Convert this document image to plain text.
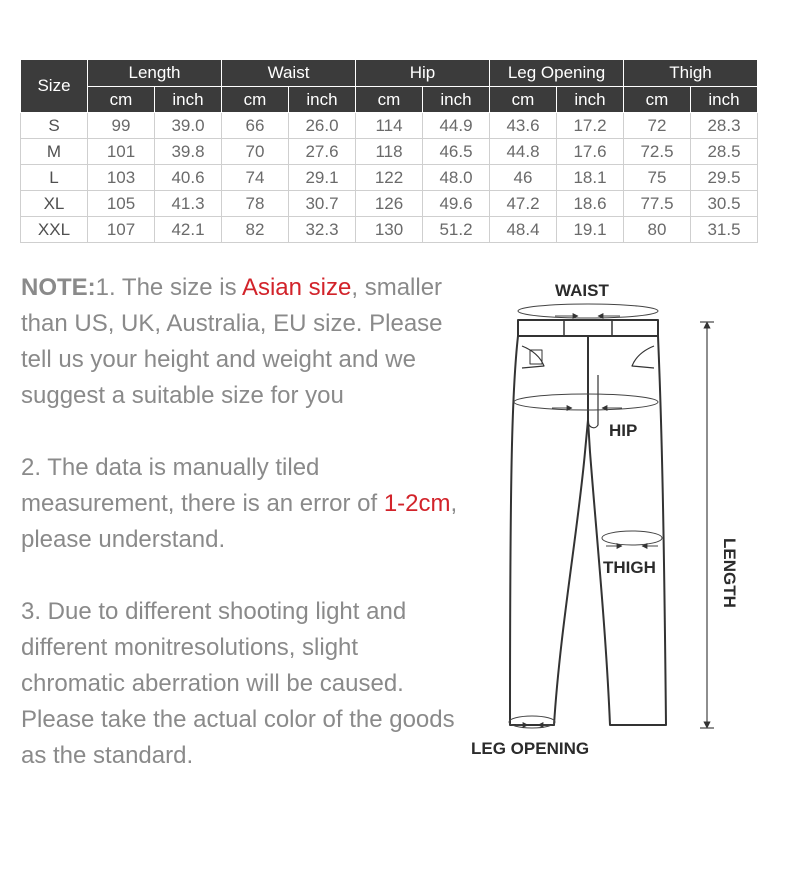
Size	Length		Waist		Hip		Leg Opening		Thigh	
	cm	inch	cm	inch	cm	inch	cm	inch	cm	inch
S	99	39.0	66	26.0	114	44.9	43.6	17.2	72	28.3
M	101	39.8	70	27.6	118	46.5	44.8	17.6	72.5	28.5
L	103	40.6	74	29.1	122	48.0	46	18.1	75	29.5
XL	105	41.3	78	30.7	126	49.6	47.2	18.6	77.5	30.5
XXL	107	42.1	82	32.3	130	51.2	48.4	19.1	80	31.5

NOTE:1. The size is Asian size, smaller than US, UK, Australia, EU size. Please tell us your height and weight and we suggest a suitable size for you

2. The data is manually tiled measurement, there is an error of 1-2cm, please understand.

3. Due to different shooting light and different monitresolutions, slight chromatic aberration will be caused. Please take the actual color of the goods as the standard.

WAIST
HIP
THIGH	LENGTH
LEG OPENING
